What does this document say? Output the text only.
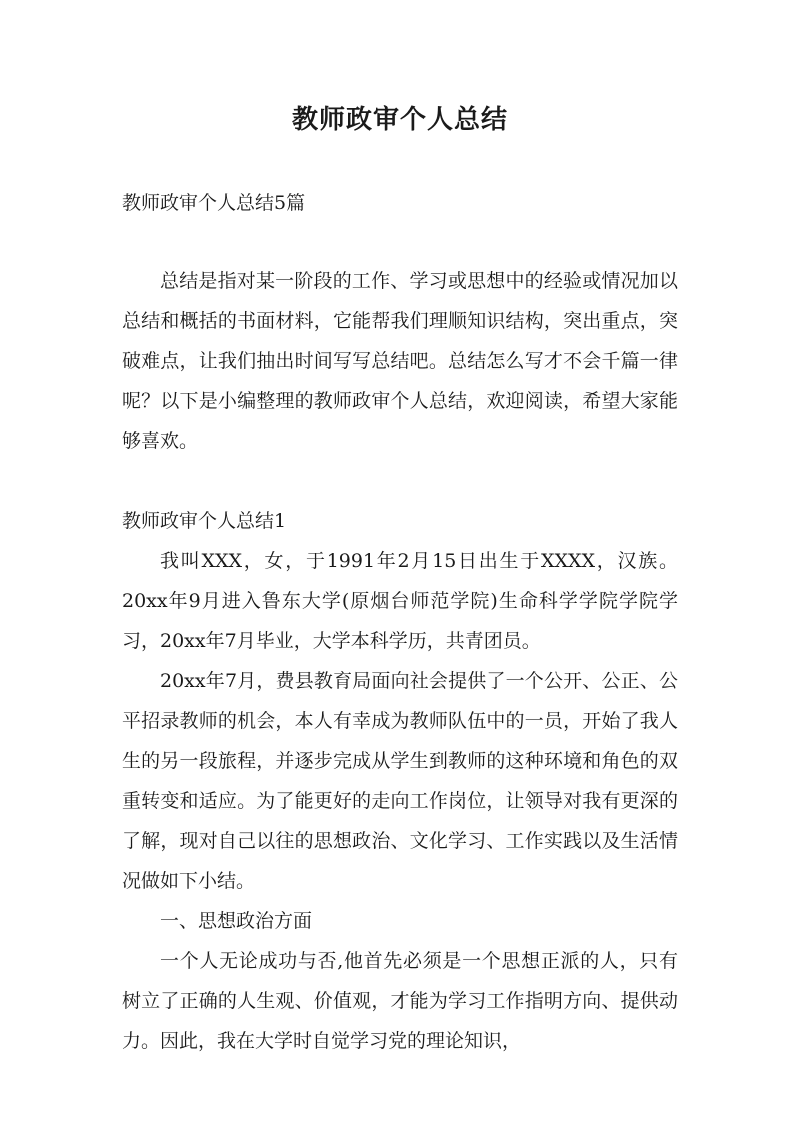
教师政审个人总结

教师政审个人总结5篇

总结是指对某一阶段的工作、学习或思想中的经验或情况加以总结和概括的书面材料，它能帮我们理顺知识结构，突出重点，突破难点，让我们抽出时间写写总结吧。总结怎么写才不会千篇一律呢？以下是小编整理的教师政审个人总结，欢迎阅读，希望大家能够喜欢。

教师政审个人总结1

我叫XXX，女，于1991年2月15日出生于XXXX，汉族。20xx年9月进入鲁东大学(原烟台师范学院)生命科学学院学院学习，20xx年7月毕业，大学本科学历，共青团员。

20xx年7月，费县教育局面向社会提供了一个公开、公正、公平招录教师的机会，本人有幸成为教师队伍中的一员，开始了我人生的另一段旅程，并逐步完成从学生到教师的这种环境和角色的双重转变和适应。为了能更好的走向工作岗位，让领导对我有更深的了解，现对自己以往的思想政治、文化学习、工作实践以及生活情况做如下小结。

一、思想政治方面

一个人无论成功与否,他首先必须是一个思想正派的人，只有树立了正确的人生观、价值观，才能为学习工作指明方向、提供动力。因此，我在大学时自觉学习党的理论知识，
